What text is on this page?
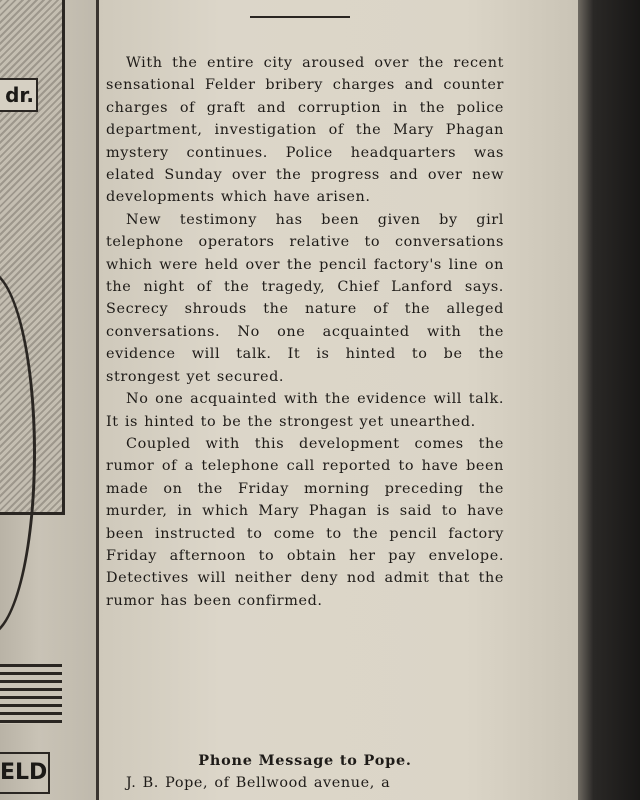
dr.
ELD

With the entire city aroused over the recent sensational Felder bribery charges and counter charges of graft and corruption in the police department, investigation of the Mary Phagan mystery continues. Police headquarters was elated Sunday over the progress and over new developments which have arisen.

New testimony has been given by girl telephone operators relative to conversations which were held over the pencil factory's line on the night of the tragedy, Chief Lanford says. Secrecy shrouds the nature of the alleged conversations. No one acquainted with the evidence will talk. It is hinted to be the strongest yet secured.

No one acquainted with the evidence will talk. It is hinted to be the strongest yet unearthed.

Coupled with this development comes the rumor of a telephone call reported to have been made on the Friday morning preceding the murder, in which Mary Phagan is said to have been instructed to come to the pencil factory Friday afternoon to obtain her pay envelope. Detectives will neither deny nod admit that the rumor has been confirmed.

Phone Message to Pope.
J. B. Pope, of Bellwood avenue, a
